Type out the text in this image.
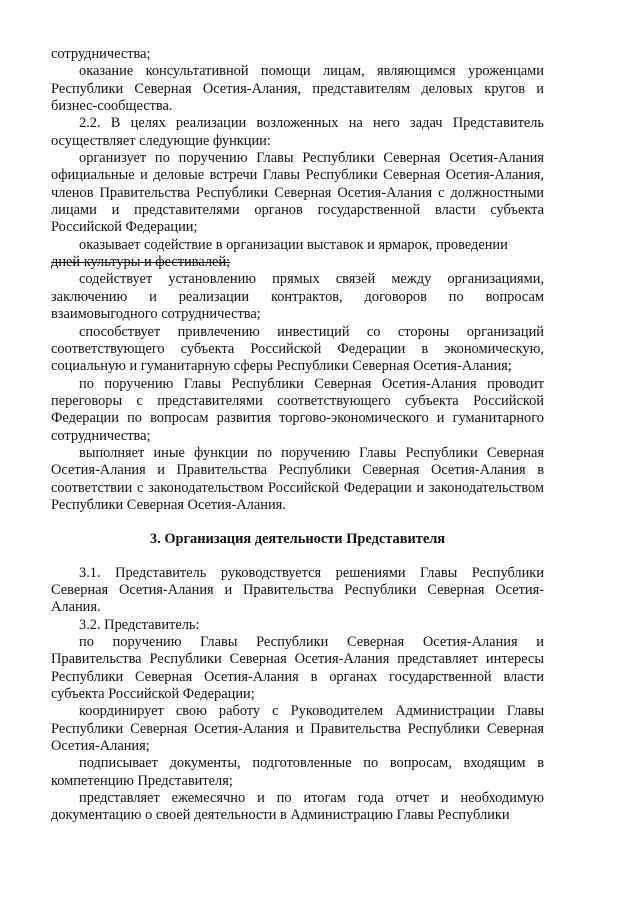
сотрудничества;

оказание консультативной помощи лицам, являющимся уроженцами Республики Северная Осетия-Алания, представителям деловых кругов и бизнес-сообщества.

2.2. В целях реализации возложенных на него задач Представитель осуществляет следующие функции:

организует по поручению Главы Республики Северная Осетия-Алания официальные и деловые встречи Главы Республики Северная Осетия-Алания, членов Правительства Республики Северная Осетия-Алания с должностными лицами и представителями органов государственной власти субъекта Российской Федерации;

оказывает содействие в организации выставок и ярмарок, проведении
дней культуры и фестивалей;

содействует установлению прямых связей между организациями, заключению и реализации контрактов, договоров по вопросам взаимовыгодного сотрудничества;

способствует привлечению инвестиций со стороны организаций соответствующего субъекта Российской Федерации в экономическую, социальную и гуманитарную сферы Республики Северная Осетия-Алания;

по поручению Главы Республики Северная Осетия-Алания проводит переговоры с представителями соответствующего субъекта Российской Федерации по вопросам развития торгово-экономического и гуманитарного сотрудничества;

выполняет иные функции по поручению Главы Республики Северная Осетия-Алания и Правительства Республики Северная Осетия-Алания в соответствии с законодательством Российской Федерации и законодательством Республики Северная Осетия-Алания.

3. Организация деятельности Представителя

3.1. Представитель руководствуется решениями Главы Республики Северная Осетия-Алания и Правительства Республики Северная Осетия-Алания.

3.2. Представитель:

по поручению Главы Республики Северная Осетия-Алания и Правительства Республики Северная Осетия-Алания представляет интересы Республики Северная Осетия-Алания в органах государственной власти субъекта Российской Федерации;

координирует свою работу с Руководителем Администрации Главы Республики Северная Осетия-Алания и Правительства Республики Северная Осетия-Алания;

подписывает документы, подготовленные по вопросам, входящим в компетенцию Представителя;

представляет ежемесячно и по итогам года отчет и необходимую документацию о своей деятельности в Администрацию Главы Республики
